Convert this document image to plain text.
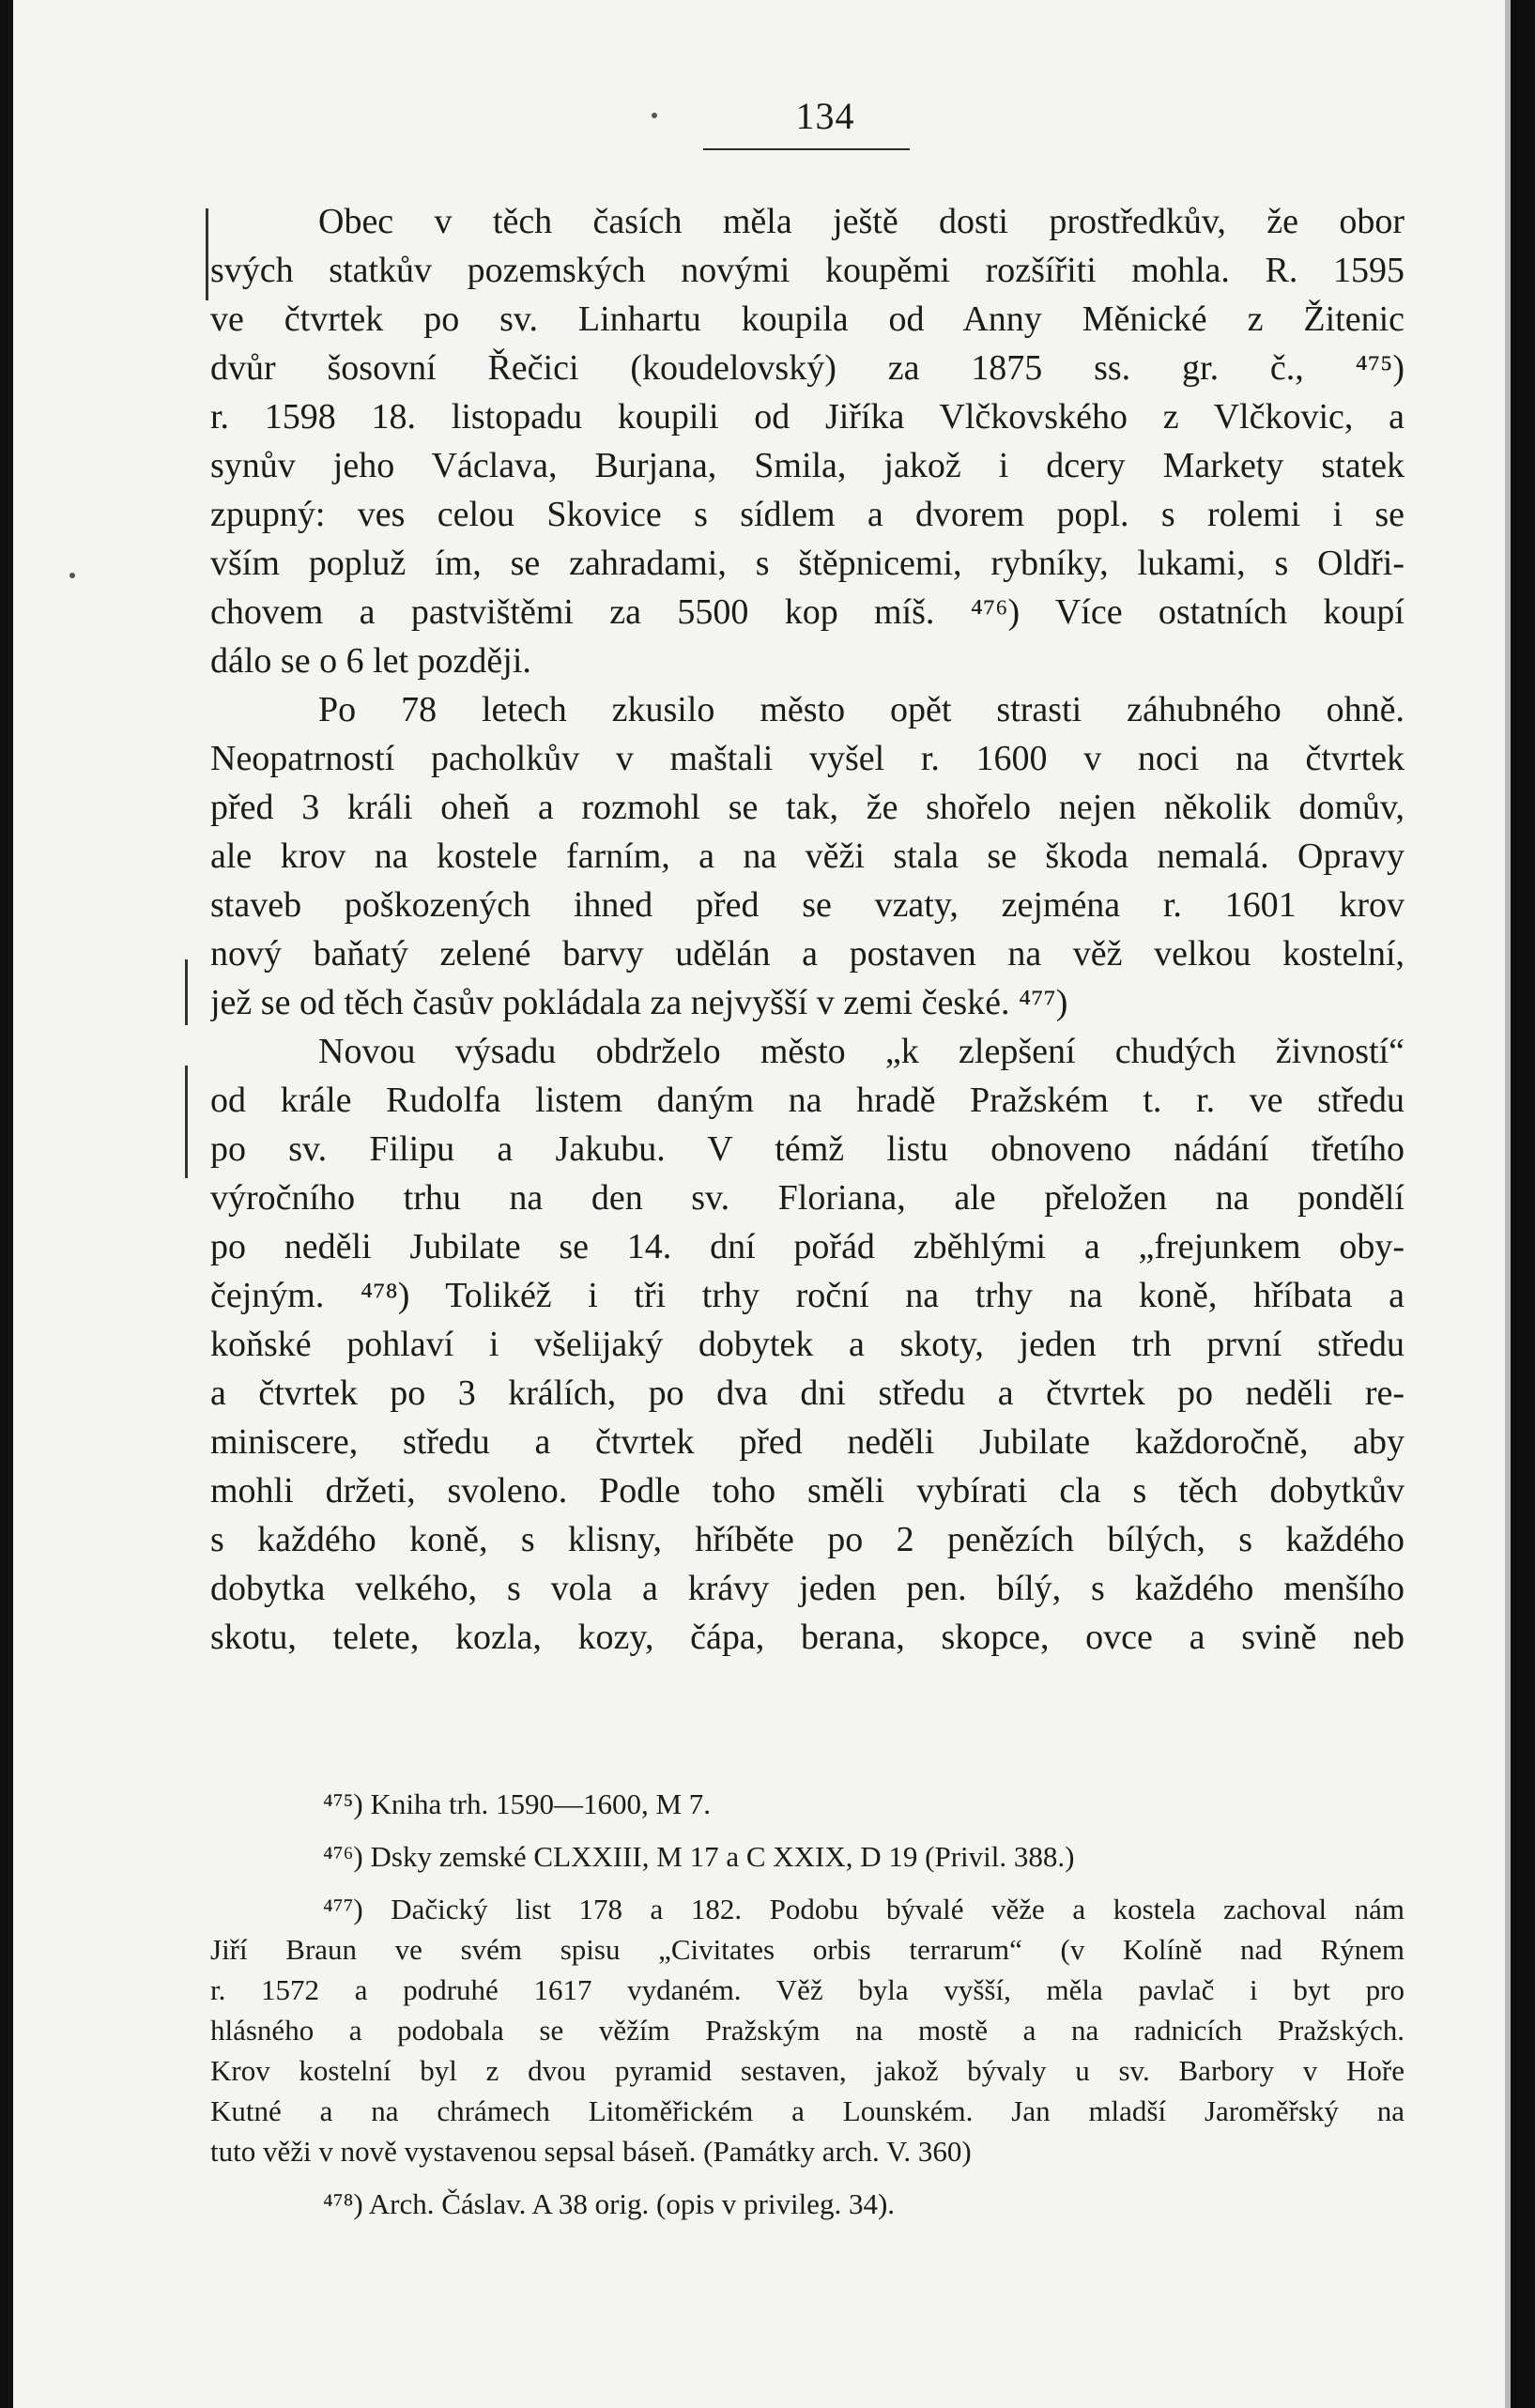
134
Obec v těch časích měla ještě dosti prostředkův, že obor
svých statkův pozemských novými koupěmi rozšířiti mohla. R. 1595
ve čtvrtek po sv. Linhartu koupila od Anny Měnické z Žitenic
dvůr šosovní Řečici (koudelovský) za 1875 ss. gr. č., ⁴⁷⁵)
r. 1598 18. listopadu koupili od Jiříka Vlčkovského z Vlčkovic, a
synův jeho Václava, Burjana, Smila, jakož i dcery Markety statek
zpupný: ves celou Skovice s sídlem a dvorem popl. s rolemi i se
vším popluž ím, se zahradami, s štěpnicemi, rybníky, lukami, s Oldři-
chovem a pastvištěmi za 5500 kop míš. ⁴⁷⁶) Více ostatních koupí
dálo se o 6 let později.
Po 78 letech zkusilo město opět strasti záhubného ohně.
Neopatrností pacholkův v maštali vyšel r. 1600 v noci na čtvrtek
před 3 králi oheň a rozmohl se tak, že shořelo nejen několik domův,
ale krov na kostele farním, a na věži stala se škoda nemalá. Opravy
staveb poškozených ihned před se vzaty, zejména r. 1601 krov
nový baňatý zelené barvy udělán a postaven na věž velkou kostelní,
jež se od těch časův pokládala za nejvyšší v zemi české. ⁴⁷⁷)
Novou výsadu obdrželo město „k zlepšení chudých živností“
od krále Rudolfa listem daným na hradě Pražském t. r. ve středu
po sv. Filipu a Jakubu. V témž listu obnoveno nádání třetího
výročního trhu na den sv. Floriana, ale přeložen na pondělí
po neděli Jubilate se 14. dní pořád zběhlými a „frejunkem oby-
čejným. ⁴⁷⁸) Tolikéž i tři trhy roční na trhy na koně, hříbata a
koňské pohlaví i všelijaký dobytek a skoty, jeden trh první středu
a čtvrtek po 3 králích, po dva dni středu a čtvrtek po neděli re-
miniscere, středu a čtvrtek před neděli Jubilate každoročně, aby
mohli držeti, svoleno. Podle toho směli vybírati cla s těch dobytkův
s každého koně, s klisny, hříběte po 2 penězích bílých, s každého
dobytka velkého, s vola a krávy jeden pen. bílý, s každého menšího
skotu, telete, kozla, kozy, čápa, berana, skopce, ovce a svině neb
⁴⁷⁵) Kniha trh. 1590—1600, M 7.
⁴⁷⁶) Dsky zemské CLXXIII, M 17 a C XXIX, D 19 (Privil. 388.)
⁴⁷⁷) Dačický list 178 a 182. Podobu bývalé věže a kostela zachoval nám
Jiří Braun ve svém spisu „Civitates orbis terrarum“ (v Kolíně nad Rýnem
r. 1572 a podruhé 1617 vydaném. Věž byla vyšší, měla pavlač i byt pro
hlásného a podobala se věžím Pražským na mostě a na radnicích Pražských.
Krov kostelní byl z dvou pyramid sestaven, jakož bývaly u sv. Barbory v Hoře
Kutné a na chrámech Litoměřickém a Lounském. Jan mladší Jaroměřský na
tuto věži v nově vystavenou sepsal báseň. (Památky arch. V. 360)
⁴⁷⁸) Arch. Čáslav. A 38 orig. (opis v privileg. 34).
